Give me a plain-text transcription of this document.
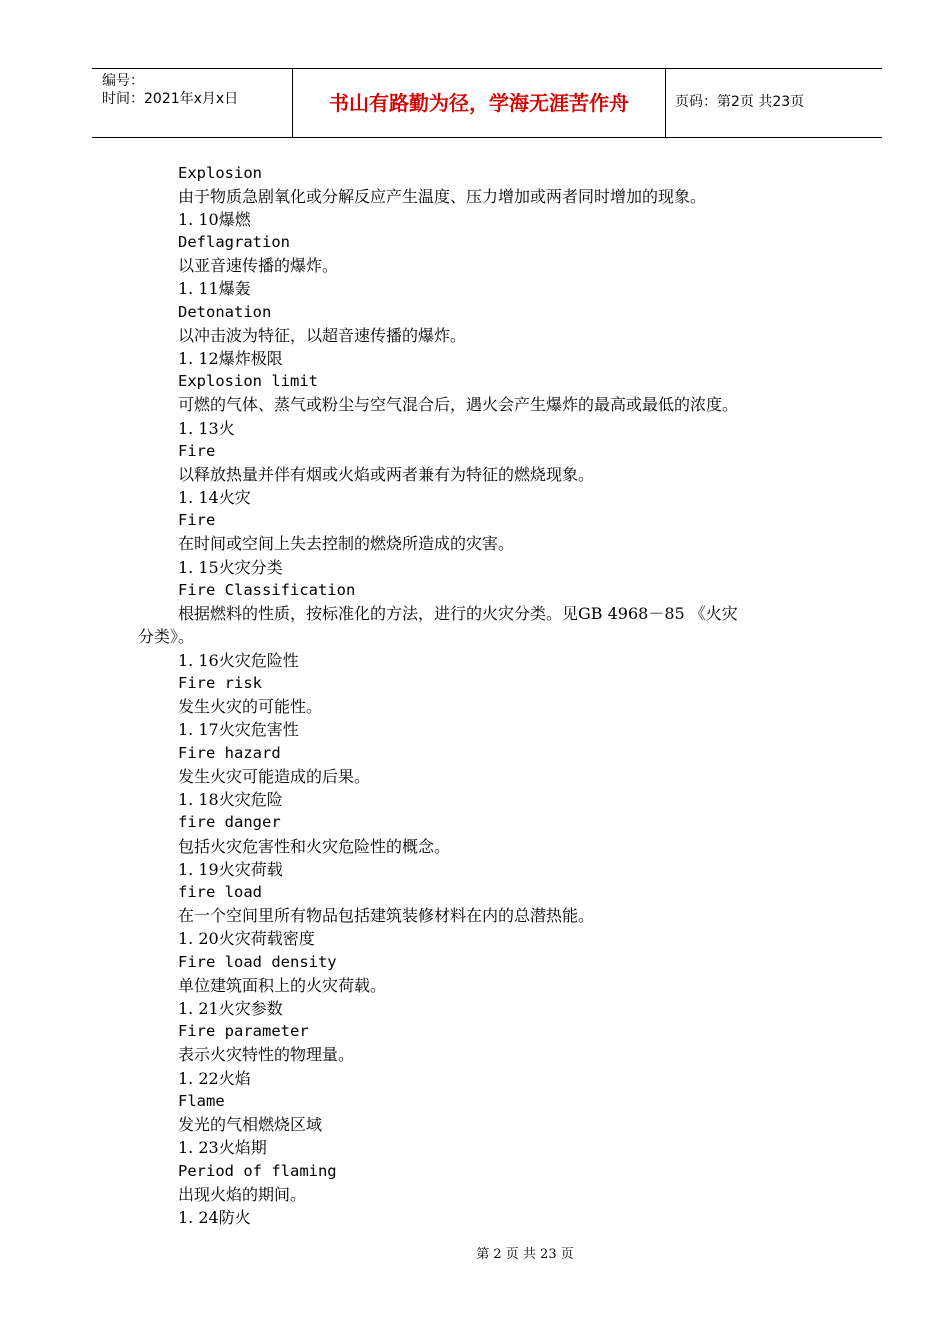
编号：
时间：2021年x月x日	书山有路勤为径，学海无涯苦作舟	页码：第2页 共23页
Explosion
由于物质急剧氧化或分解反应产生温度、压力增加或两者同时增加的现象。
1. 10爆燃
Deflagration
以亚音速传播的爆炸。
1. 11爆轰
Detonation
以冲击波为特征，以超音速传播的爆炸。
1. 12爆炸极限
Explosion limit
可燃的气体、蒸气或粉尘与空气混合后，遇火会产生爆炸的最高或最低的浓度。
1. 13火
Fire
以释放热量并伴有烟或火焰或两者兼有为特征的燃烧现象。
1. 14火灾
Fire
在时间或空间上失去控制的燃烧所造成的灾害。
1. 15火灾分类
Fire Classification
根据燃料的性质，按标准化的方法，进行的火灾分类。见GB 4968－85 《火灾
分类》。
1. 16火灾危险性
Fire risk
发生火灾的可能性。
1. 17火灾危害性
Fire hazard
发生火灾可能造成的后果。
1. 18火灾危险
fire danger
包括火灾危害性和火灾危险性的概念。
1. 19火灾荷载
fire load
在一个空间里所有物品包括建筑装修材料在内的总潜热能。
1. 20火灾荷载密度
Fire load density
单位建筑面积上的火灾荷载。
1. 21火灾参数
Fire parameter
表示火灾特性的物理量。
1. 22火焰
Flame
发光的气相燃烧区域
1. 23火焰期
Period of flaming
出现火焰的期间。
1. 24防火
第 2 页 共 23 页
